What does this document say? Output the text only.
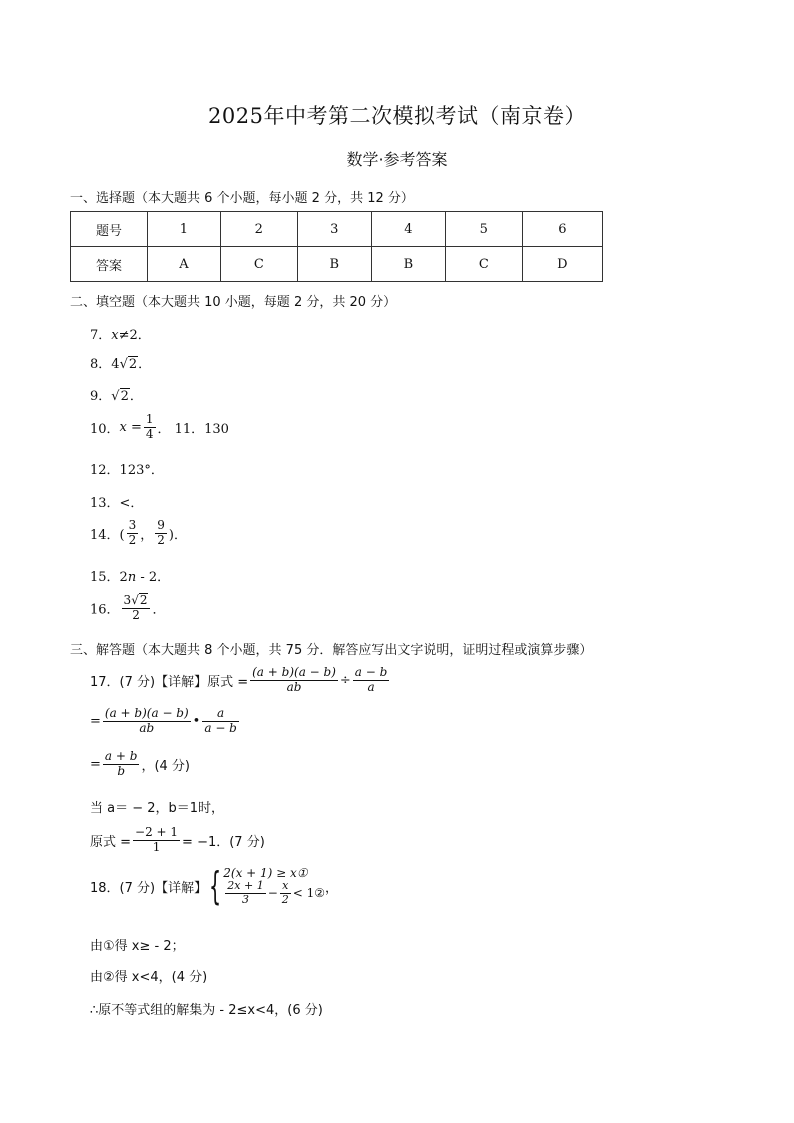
2025年中考第二次模拟考试（南京卷）
数学·参考答案
一、选择题（本大题共 6 个小题，每小题 2 分，共 12 分）
题号	1	2	3	4	5	6
答案	A	C	B	B	C	D
二、填空题（本大题共 10 小题，每题 2 分，共 20 分）
7．x≠2．
8．4√2．
9．√2．
10．$x = \frac{1}{4}$ ． 11．130
12．123°．
13．<．
14．( $\frac{3}{2}$ ， $\frac{9}{2}$ )．
15．2n - 2．
16． $\frac{3√2}{2}$ ．
三、解答题（本大题共 8 个小题，共 75 分．解答应写出文字说明，证明过程或演算步骤）
17．(7 分)【详解】原式 = $\frac{(a + b)(a - b)}{ab} \div \frac{a - b}{a}$
= $\frac{(a + b)(a - b)}{ab}$ • $\frac{a}{a - b}$
= $\frac{a + b}{b}$ ，(4 分)
当 a＝ − 2，b＝1时，
原式 = $\frac{-2 + 1}{1} = -1$．(7 分)
18．(7 分)【详解】{ 2(x + 1) ≥ x①
$\frac{2x + 1}{3} - \frac{x}{2}$ < 1② ，
由①得 x≥ - 2；
由②得 x<4，(4 分)
∴原不等式组的解集为 - 2≤x<4，(6 分)
